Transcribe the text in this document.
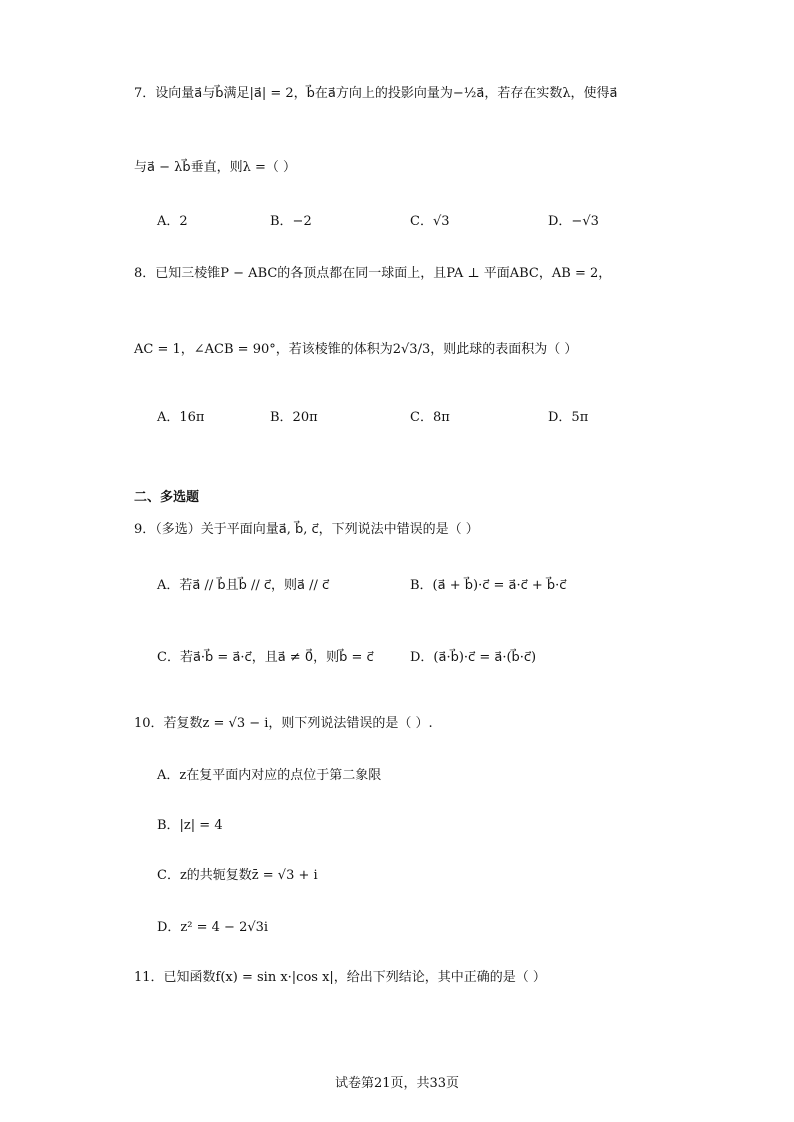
7．设向量a⃗与b⃗满足|a⃗| = 2，b⃗在a⃗方向上的投影向量为−½a⃗，若存在实数λ，使得a⃗
与a⃗ − λb⃗垂直，则λ =（ ）
A．2	B．−2	C．√3	D．−√3
8．已知三棱锥P − ABC的各顶点都在同一球面上，且PA ⊥ 平面ABC，AB = 2，
AC = 1，∠ACB = 90°，若该棱锥的体积为2√3/3，则此球的表面积为（ ）
A．16π	B．20π	C．8π	D．5π
二、多选题
9．（多选）关于平面向量a⃗, b⃗, c⃗，下列说法中错误的是（ ）
A．若a⃗ // b⃗且b⃗ // c⃗，则a⃗ // c⃗	B．(a⃗ + b⃗)·c⃗ = a⃗·c⃗ + b⃗·c⃗
C．若a⃗·b⃗ = a⃗·c⃗，且a⃗ ≠ 0⃗，则b⃗ = c⃗	D．(a⃗·b⃗)·c⃗ = a⃗·(b⃗·c⃗)
10．若复数z = √3 − i，则下列说法错误的是（ ）.
A．z在复平面内对应的点位于第二象限
B．|z| = 4
C．z的共轭复数z̄ = √3 + i
D．z² = 4 − 2√3i
11．已知函数f(x) = sin x·|cos x|，给出下列结论，其中正确的是（ ）
试卷第21页，共33页
